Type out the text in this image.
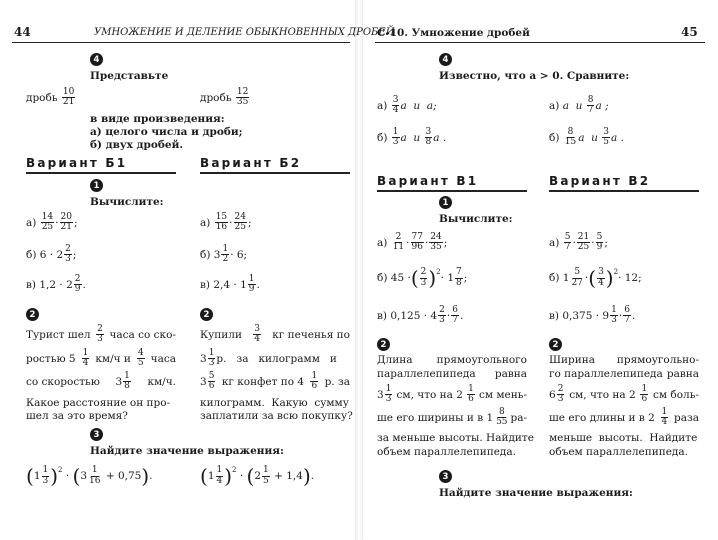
44	УМНОЖЕНИЕ И ДЕЛЕНИЕ ОБЫКНОВЕННЫХ ДРОБЕЙ
4
Представьте
дробь
10
21	дробь
12
35
в виде произведения:
а) целого числа и дроби;
б) двух дробей.
Вариант Б1	Вариант Б2
1
Вычислите:
а)
14
25 · 20
21 ;
б)
6 · 2 2
3 ;
в)
1,2 · 2 2
9 .
а)
15
16 · 24
25 ;
б)
3 1
2 · 6;
в)
2,4 · 1 1
9 .
2	2
Турист шел 2
3 часа со ско-
ростью 5 1
4 км/ч и 4
5 часа
со скоростью 3 1
8 км/ч.
Какое расстояние он про-
шел за это время?
Купили 3
4 кг печенья по
3 1
3 р.   за   килограмм   и
3 5
6 кг конфет по 4 1
6 р. за
килограмм.  Какую  сумму
заплатили за всю покупку?
3
Найдите значение выражения:
( 1 1
3 )$^2$ · ( 3 1
16
+ 0,75 ) . ( 1 1
4 )$^2$ · ( 2 1
5
+ 1,4 ) .
С-10. Умножение дробей	45
4
Известно, что a > 0. Сравните:
а)
3
4 a  и  a;
б)
1
3 a  и
3
8 a .
а)
a  и
8
7 a ;
б)
8
15 a  и
3
5 a .
Вариант В1	Вариант В2
1
Вычислите:
а)
2
11 · 77
96 · 24
35 ;
б)
45 · ( 2
3 )$^2$ · 1 7
8 ;
в)
0,125 · 4 2
3 · 6
7 .
а)
5
7 · 21
25 · 5
9 ;
б)
1 5
27 · ( 3
4 )$^2$ · 12;
в)
0,375 · 9 1
3 · 6
7 .
2	2
Длина прямоугольного
параллелепипеда равна
3 1
3 см, что на 2 1
6 см мень-
ше его ширины и в 1 8
55 ра-
за меньше высоты. Найдите
объем параллелепипеда.
Ширина прямоугольно-
го параллелепипеда равна
6 2
3 см, что на 2 1
6 см боль-
ше его длины и в 2 1
4 раза
меньше  высоты.  Найдите
объем параллелепипеда.
3
Найдите значение выражения:
